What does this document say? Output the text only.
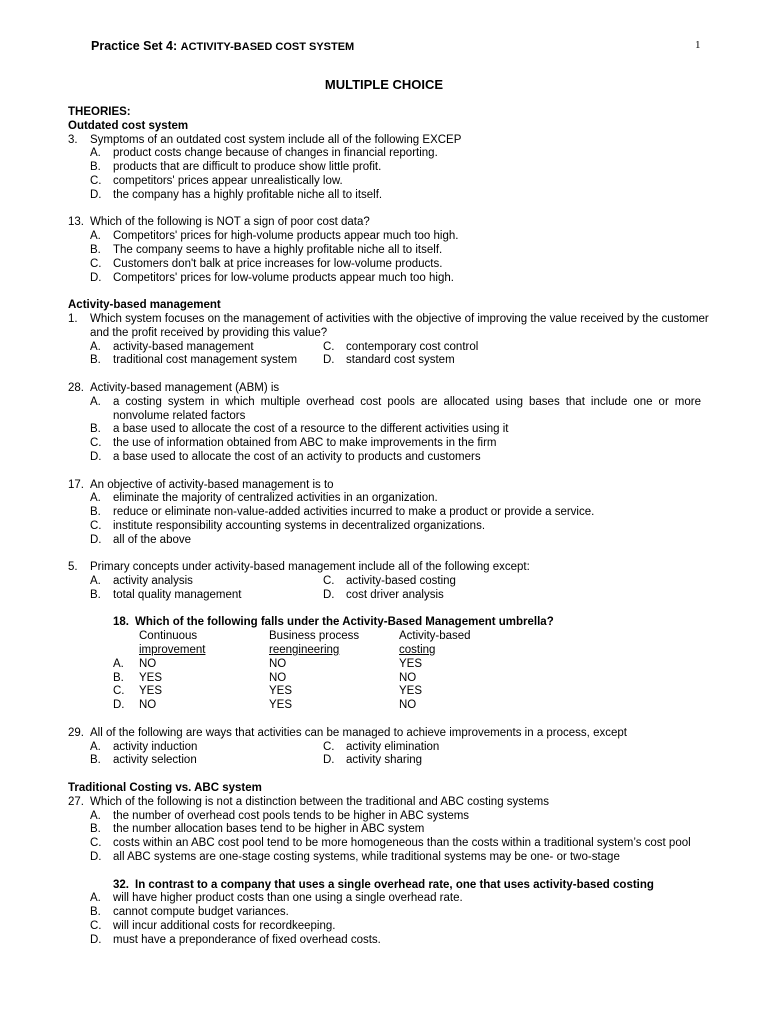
Practice Set 4: ACTIVITY-BASED COST SYSTEM	1
MULTIPLE CHOICE
THEORIES:
Outdated cost system
3. Symptoms of an outdated cost system include all of the following EXCEP
A. product costs change because of changes in financial reporting.
B. products that are difficult to produce show little profit.
C. competitors' prices appear unrealistically low.
D. the company has a highly profitable niche all to itself.
13. Which of the following is NOT a sign of poor cost data?
A. Competitors' prices for high-volume products appear much too high.
B. The company seems to have a highly profitable niche all to itself.
C. Customers don't balk at price increases for low-volume products.
D. Competitors' prices for low-volume products appear much too high.
Activity-based management
1. Which system focuses on the management of activities with the objective of improving the value received by the customer
and the profit received by providing this value?
A. activity-based management	C. contemporary cost control
B. traditional cost management system D. standard cost system
28. Activity-based management (ABM) is
A.	a costing system in which multiple overhead cost pools are allocated using bases that include one or more nonvolume related factors
B. a base used to allocate the cost of a resource to the different activities using it
C. the use of information obtained from ABC to make improvements in the firm
D. a base used to allocate the cost of an activity to products and customers
17. An objective of activity-based management is to
A. eliminate the majority of centralized activities in an organization.
B. reduce or eliminate non-value-added activities incurred to make a product or provide a service.
C. institute responsibility accounting systems in decentralized organizations.
D. all of the above
5. Primary concepts under activity-based management include all of the following except:
A. activity analysis	C. activity-based costing
B. total quality management	D. cost driver analysis
18. Which of the following falls under the Activity-Based Management umbrella?
Continuous	Business process	Activity-based
improvement	reengineering	costing
A. NO	NO	YES
B. YES	NO	NO
C. YES	YES	YES
D. NO	YES	NO
29. All of the following are ways that activities can be managed to achieve improvements in a process, except
A. activity induction	C. activity elimination
B. activity selection	D. activity sharing
Traditional Costing vs. ABC system
27. Which of the following is not a distinction between the traditional and ABC costing systems
A. the number of overhead cost pools tends to be higher in ABC systems
B. the number allocation bases tend to be higher in ABC system
C. costs within an ABC cost pool tend to be more homogeneous than the costs within a traditional system’s cost pool
D. all ABC systems are one-stage costing systems, while traditional systems may be one- or two-stage
32. In contrast to a company that uses a single overhead rate, one that uses activity-based costing
A. will have higher product costs than one using a single overhead rate.
B. cannot compute budget variances.
C. will incur additional costs for recordkeeping.
D. must have a preponderance of fixed overhead costs.
